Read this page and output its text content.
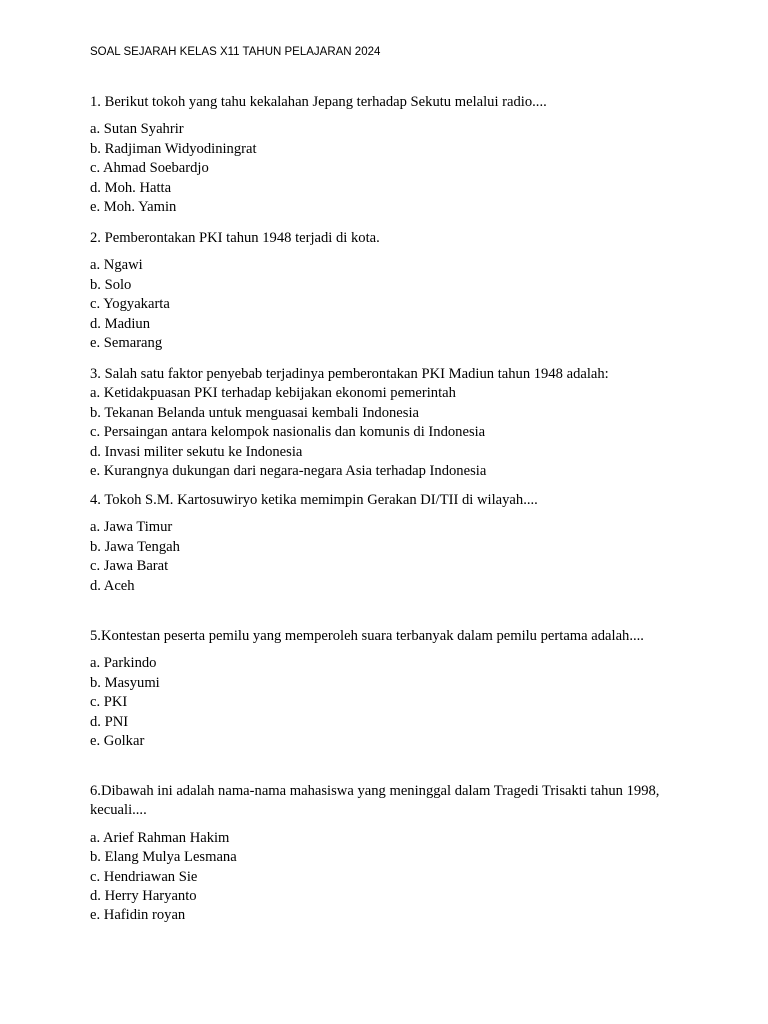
SOAL SEJARAH KELAS X11 TAHUN PELAJARAN 2024

1. Berikut tokoh yang tahu kekalahan Jepang terhadap Sekutu melalui radio....

a. Sutan Syahrir
b. Radjiman Widyodiningrat
c. Ahmad Soebardjo
d. Moh. Hatta
e. Moh. Yamin

2. Pemberontakan PKI tahun 1948 terjadi di kota.

a. Ngawi
b. Solo
c. Yogyakarta
d. Madiun
e. Semarang

3. Salah satu faktor penyebab terjadinya pemberontakan PKI Madiun tahun 1948 adalah:

a. Ketidakpuasan PKI terhadap kebijakan ekonomi pemerintah
b. Tekanan Belanda untuk menguasai kembali Indonesia
c. Persaingan antara kelompok nasionalis dan komunis di Indonesia
d. Invasi militer sekutu ke Indonesia
e. Kurangnya dukungan dari negara-negara Asia terhadap Indonesia

4. Tokoh S.M. Kartosuwiryo ketika memimpin Gerakan DI/TII di wilayah....

a. Jawa Timur
b. Jawa Tengah
c. Jawa Barat
d. Aceh

5.Kontestan peserta pemilu yang memperoleh suara terbanyak dalam pemilu pertama adalah....

a. Parkindo
b. Masyumi
c. PKI
d. PNI
e. Golkar

6.Dibawah ini adalah nama-nama mahasiswa yang meninggal dalam Tragedi Trisakti tahun 1998, kecuali....

a. Arief Rahman Hakim
b. Elang Mulya Lesmana
c. Hendriawan Sie
d. Herry Haryanto
e. Hafidin royan
